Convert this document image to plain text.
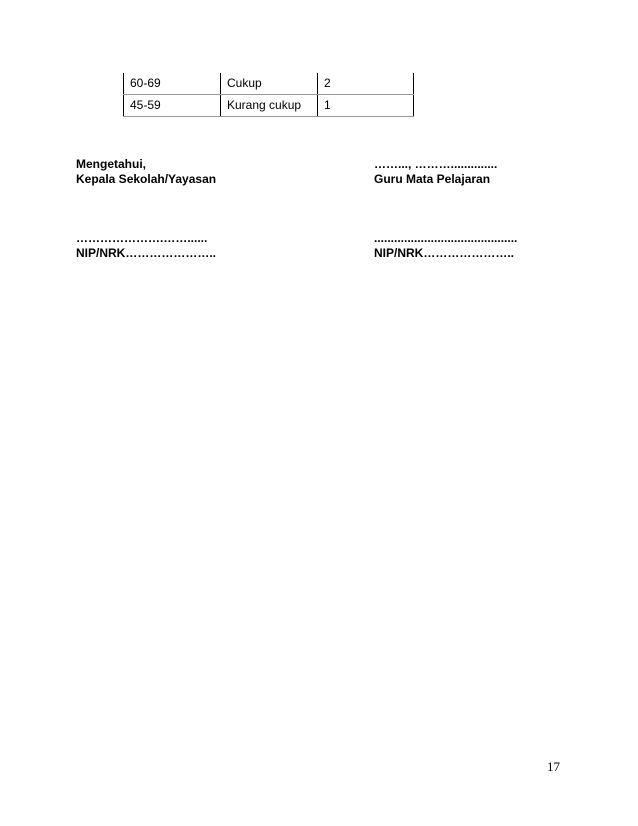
60-69	Cukup	2
45-59	Kurang cukup	1
Mengetahui,
Kepala Sekolah/Yayasan
………………….……......
NIP/NRK…………………..
……..., ………..............
Guru Mata Pelajaran
...........................................
NIP/NRK…………………..
17
